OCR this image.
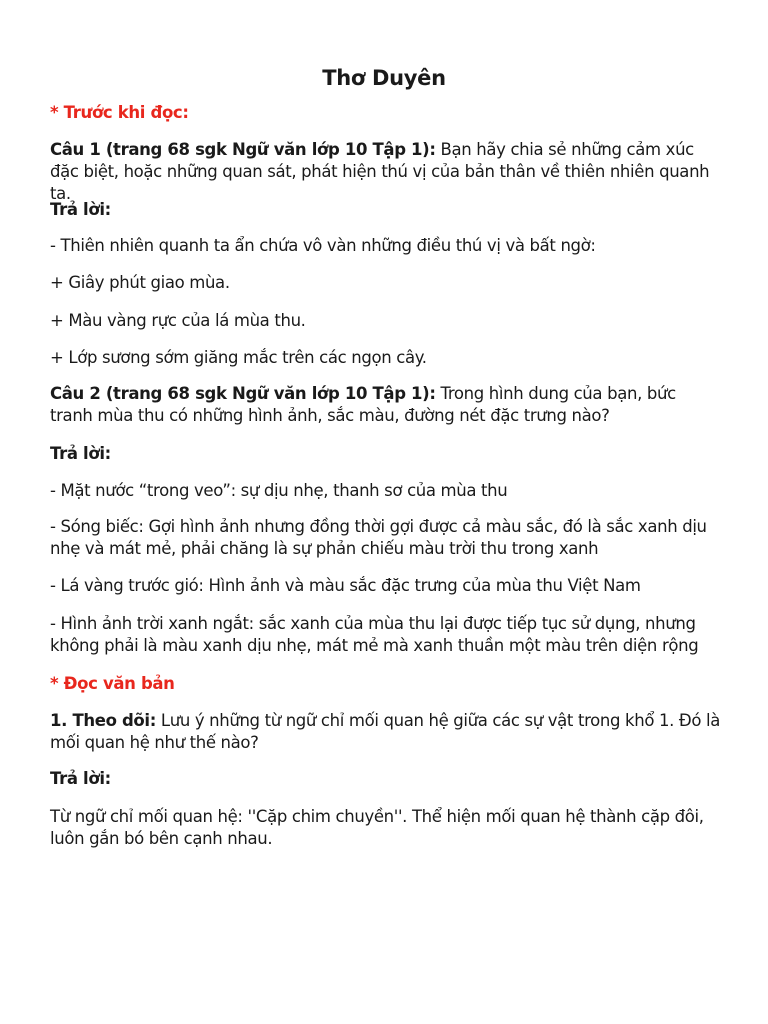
Thơ Duyên

* Trước khi đọc:

Câu 1 (trang 68 sgk Ngữ văn lớp 10 Tập 1): Bạn hãy chia sẻ những cảm xúc đặc biệt, hoặc những quan sát, phát hiện thú vị của bản thân về thiên nhiên quanh ta.

Trả lời:

- Thiên nhiên quanh ta ẩn chứa vô vàn những điều thú vị và bất ngờ:

+ Giây phút giao mùa.

+ Màu vàng rực của lá mùa thu.

+ Lớp sương sớm giăng mắc trên các ngọn cây.

Câu 2 (trang 68 sgk Ngữ văn lớp 10 Tập 1): Trong hình dung của bạn, bức tranh mùa thu có những hình ảnh, sắc màu, đường nét đặc trưng nào?

Trả lời:

- Mặt nước “trong veo”: sự dịu nhẹ, thanh sơ của mùa thu

- Sóng biếc: Gợi hình ảnh nhưng đồng thời gợi được cả màu sắc, đó là sắc xanh dịu nhẹ và mát mẻ, phải chăng là sự phản chiếu màu trời thu trong xanh

- Lá vàng trước gió: Hình ảnh và màu sắc đặc trưng của mùa thu Việt Nam

- Hình ảnh trời xanh ngắt: sắc xanh của mùa thu lại được tiếp tục sử dụng, nhưng không phải là màu xanh dịu nhẹ, mát mẻ mà xanh thuần một màu trên diện rộng

* Đọc văn bản

1. Theo dõi: Lưu ý những từ ngữ chỉ mối quan hệ giữa các sự vật trong khổ 1. Đó là mối quan hệ như thế nào?

Trả lời:

Từ ngữ chỉ mối quan hệ: ''Cặp chim chuyền''. Thể hiện mối quan hệ thành cặp đôi, luôn gắn bó bên cạnh nhau.
